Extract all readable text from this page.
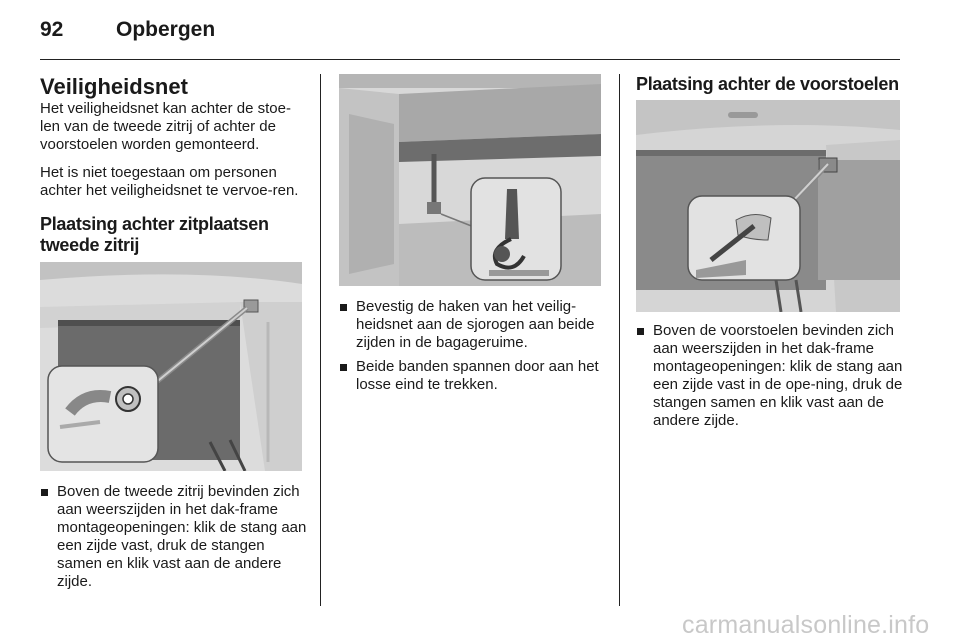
92	Opbergen
Veiligheidsnet

Het veiligheidsnet kan achter de stoe-len van de tweede zitrij of achter de voorstoelen worden gemonteerd.

Het is niet toegestaan om personen achter het veiligheidsnet te vervoe-ren.

Plaatsing achter zitplaatsen tweede zitrij
Boven de tweede zitrij bevinden zich aan weerszijden in het dak-frame montageopeningen: klik de stang aan een zijde vast, druk de stangen samen en klik vast aan de andere zijde.
Bevestig de haken van het veilig-heidsnet aan de sjorogen aan beide zijden in de bagageruime.
Beide banden spannen door aan het losse eind te trekken.
Plaatsing achter de voorstoelen
Boven de voorstoelen bevinden zich aan weerszijden in het dak-frame montageopeningen: klik de stang aan een zijde vast in de ope-ning, druk de stangen samen en klik vast aan de andere zijde.
carmanualsonline.info
